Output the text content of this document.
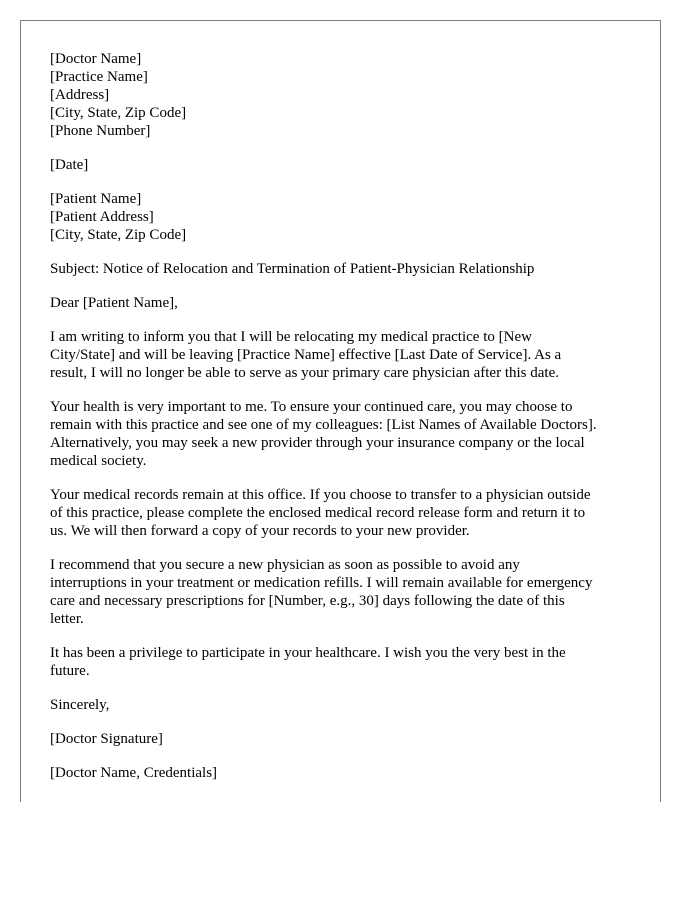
[Doctor Name]
[Practice Name]
[Address]
[City, State, Zip Code]
[Phone Number]
[Date]
[Patient Name]
[Patient Address]
[City, State, Zip Code]

Subject: Notice of Relocation and Termination of Patient-Physician Relationship

Dear [Patient Name],

I am writing to inform you that I will be relocating my medical practice to [New
City/State] and will be leaving [Practice Name] effective [Last Date of Service]. As a
result, I will no longer be able to serve as your primary care physician after this date.

Your health is very important to me. To ensure your continued care, you may choose to
remain with this practice and see one of my colleagues: [List Names of Available Doctors].
Alternatively, you may seek a new provider through your insurance company or the local
medical society.

Your medical records remain at this office. If you choose to transfer to a physician outside
of this practice, please complete the enclosed medical record release form and return it to
us. We will then forward a copy of your records to your new provider.

I recommend that you secure a new physician as soon as possible to avoid any
interruptions in your treatment or medication refills. I will remain available for emergency
care and necessary prescriptions for [Number, e.g., 30] days following the date of this
letter.

It has been a privilege to participate in your healthcare. I wish you the very best in the
future.

Sincerely,

[Doctor Signature]

[Doctor Name, Credentials]
